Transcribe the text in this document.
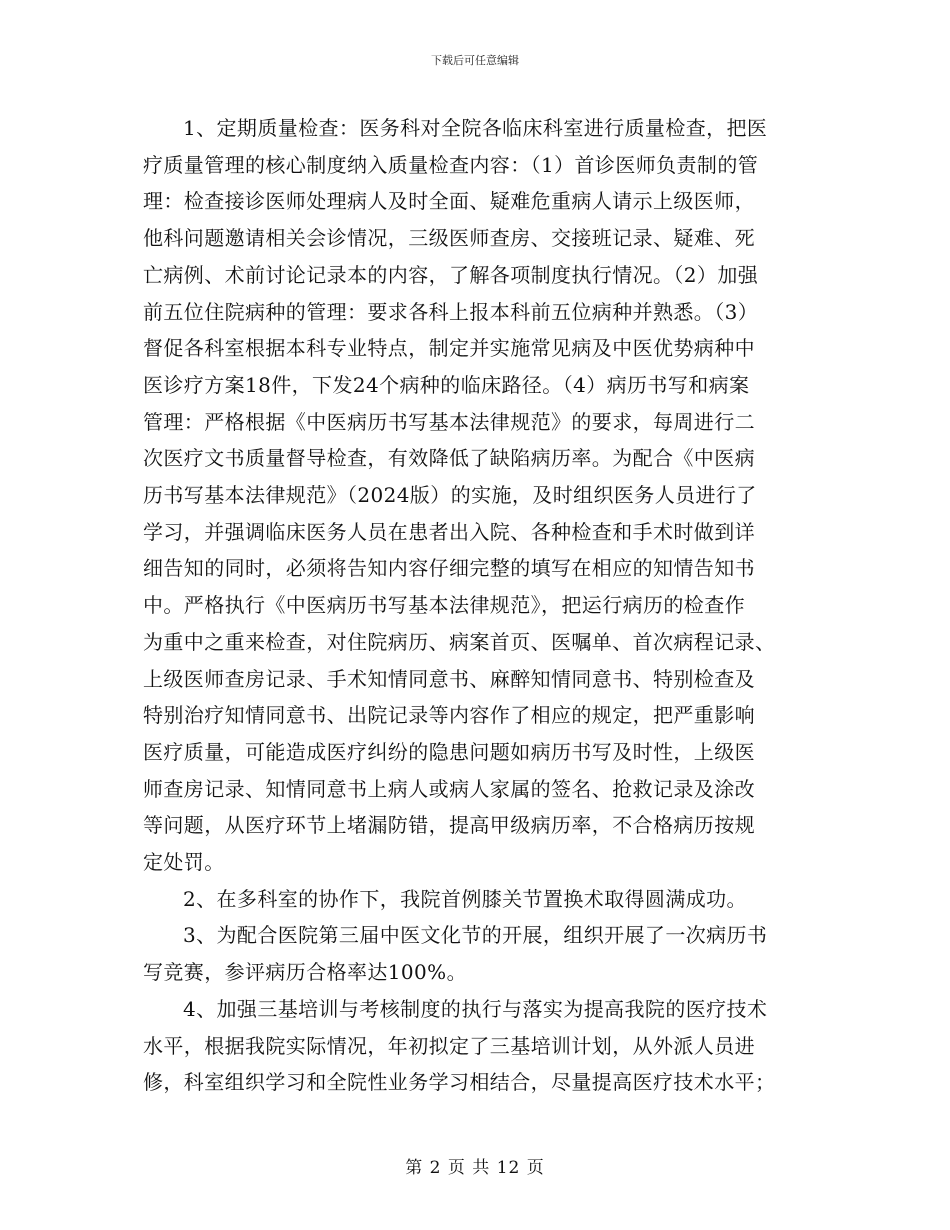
下载后可任意编辑
1、定期质量检查：医务科对全院各临床科室进行质量检查，把医
疗质量管理的核心制度纳入质量检查内容：（1）首诊医师负责制的管
理：检查接诊医师处理病人及时全面、疑难危重病人请示上级医师，
他科问题邀请相关会诊情况，三级医师查房、交接班记录、疑难、死
亡病例、术前讨论记录本的内容，了解各项制度执行情况。（2）加强
前五位住院病种的管理：要求各科上报本科前五位病种并熟悉。（3）
督促各科室根据本科专业特点，制定并实施常见病及中医优势病种中
医诊疗方案18件，下发24个病种的临床路径。（4）病历书写和病案
管理：严格根据《中医病历书写基本法律规范》的要求，每周进行二
次医疗文书质量督导检查，有效降低了缺陷病历率。为配合《中医病
历书写基本法律规范》（2024版）的实施，及时组织医务人员进行了
学习，并强调临床医务人员在患者出入院、各种检查和手术时做到详
细告知的同时，必须将告知内容仔细完整的填写在相应的知情告知书
中。严格执行《中医病历书写基本法律规范》，把运行病历的检查作
为重中之重来检查，对住院病历、病案首页、医嘱单、首次病程记录、
上级医师查房记录、手术知情同意书、麻醉知情同意书、特别检查及
特别治疗知情同意书、出院记录等内容作了相应的规定，把严重影响
医疗质量，可能造成医疗纠纷的隐患问题如病历书写及时性，上级医
师查房记录、知情同意书上病人或病人家属的签名、抢救记录及涂改
等问题，从医疗环节上堵漏防错，提高甲级病历率，不合格病历按规
定处罚。
2、在多科室的协作下，我院首例膝关节置换术取得圆满成功。
3、为配合医院第三届中医文化节的开展，组织开展了一次病历书
写竞赛，参评病历合格率达100%。
4、加强三基培训与考核制度的执行与落实为提高我院的医疗技术
水平，根据我院实际情况，年初拟定了三基培训计划，从外派人员进
修，科室组织学习和全院性业务学习相结合，尽量提高医疗技术水平；
第 2 页 共 12 页
